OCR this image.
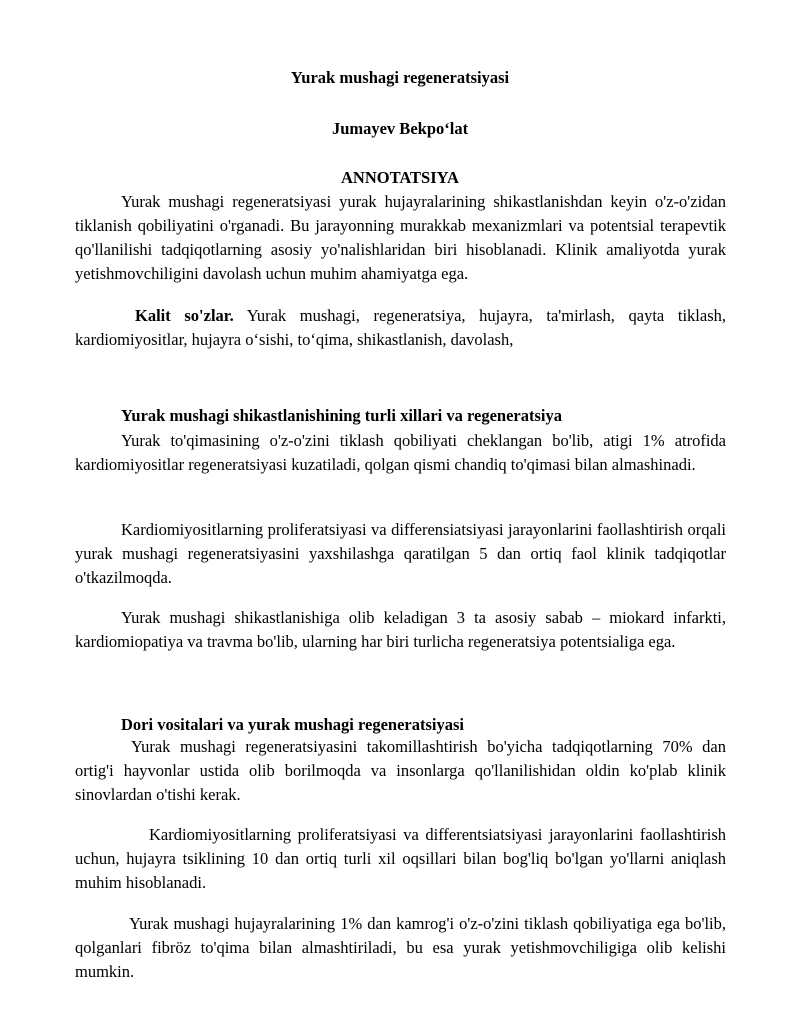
Yurak mushagi regeneratsiyasi
Jumayev Bekpo‘lat
ANNOTATSIYA

Yurak mushagi regeneratsiyasi yurak hujayralarining shikastlanishdan keyin o'z-o'zidan tiklanish qobiliyatini o'rganadi. Bu jarayonning murakkab mexanizmlari va potentsial terapevtik qo'llanilishi tadqiqotlarning asosiy yo'nalishlaridan biri hisoblanadi. Klinik amaliyotda yurak yetishmovchiligini davolash uchun muhim ahamiyatga ega.

Kalit so'zlar. Yurak mushagi, regeneratsiya, hujayra, ta'mirlash, qayta tiklash, kardiomiyositlar, hujayra o‘sishi, to‘qima, shikastlanish, davolash,

Yurak mushagi shikastlanishining turli xillari va regeneratsiya

Yurak to'qimasining o'z-o'zini tiklash qobiliyati cheklangan bo'lib, atigi 1% atrofida kardiomiyositlar regeneratsiyasi kuzatiladi, qolgan qismi chandiq to'qimasi bilan almashinadi.

Kardiomiyositlarning proliferatsiyasi va differensiatsiyasi jarayonlarini faollashtirish orqali yurak mushagi regeneratsiyasini yaxshilashga qaratilgan 5 dan ortiq faol klinik tadqiqotlar o'tkazilmoqda.

Yurak mushagi shikastlanishiga olib keladigan 3 ta asosiy sabab – miokard infarkti, kardiomiopatiya va travma bo'lib, ularning har biri turlicha regeneratsiya potentsialiga ega.

Dori vositalari va yurak mushagi regeneratsiyasi

Yurak mushagi regeneratsiyasini takomillashtirish bo'yicha tadqiqotlarning 70% dan ortig'i hayvonlar ustida olib borilmoqda va insonlarga qo'llanilishidan oldin ko'plab klinik sinovlardan o'tishi kerak.

Kardiomiyositlarning proliferatsiyasi va differentsiatsiyasi jarayonlarini faollashtirish uchun, hujayra tsiklining 10 dan ortiq turli xil oqsillari bilan bog'liq bo'lgan yo'llarni aniqlash muhim hisoblanadi.

Yurak mushagi hujayralarining 1% dan kamrog'i o'z-o'zini tiklash qobiliyatiga ega bo'lib, qolganlari fibröz to'qima bilan almashtiriladi, bu esa yurak yetishmovchiligiga olib kelishi mumkin.
